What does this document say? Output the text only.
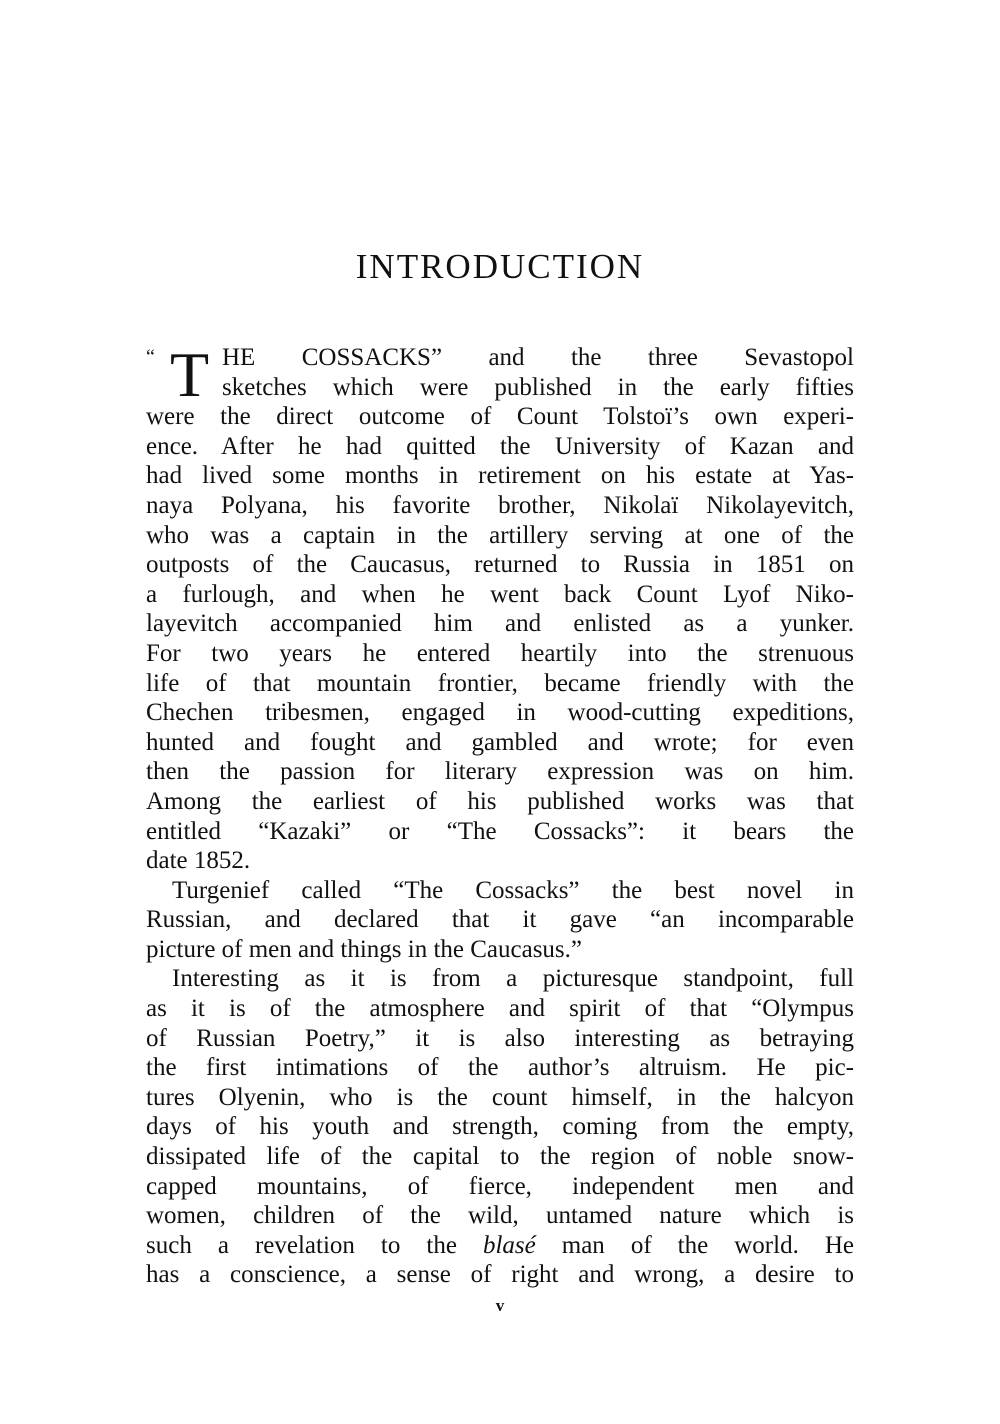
INTRODUCTION
“ T HE COSSACKS” and the three Sevastopol
sketches which were published in the early fifties
were the direct outcome of Count Tolstoï’s own experi-
ence. After he had quitted the University of Kazan and
had lived some months in retirement on his estate at Yas-
naya Polyana, his favorite brother, Nikolaï Nikolayevitch,
who was a captain in the artillery serving at one of the
outposts of the Caucasus, returned to Russia in 1851 on
a furlough, and when he went back Count Lyof Niko-
layevitch accompanied him and enlisted as a yunker.
For two years he entered heartily into the strenuous
life of that mountain frontier, became friendly with the
Chechen tribesmen, engaged in wood-cutting expeditions,
hunted and fought and gambled and wrote; for even
then the passion for literary expression was on him.
Among the earliest of his published works was that
entitled “Kazaki” or “The Cossacks”: it bears the
date 1852.
Turgenief called “The Cossacks” the best novel in
Russian, and declared that it gave “an incomparable
picture of men and things in the Caucasus.”
Interesting as it is from a picturesque standpoint, full
as it is of the atmosphere and spirit of that “Olympus
of Russian Poetry,” it is also interesting as betraying
the first intimations of the author’s altruism. He pic-
tures Olyenin, who is the count himself, in the halcyon
days of his youth and strength, coming from the empty,
dissipated life of the capital to the region of noble snow-
capped mountains, of fierce, independent men and
women, children of the wild, untamed nature which is
such a revelation to the blasé man of the world. He
has a conscience, a sense of right and wrong, a desire to
v
